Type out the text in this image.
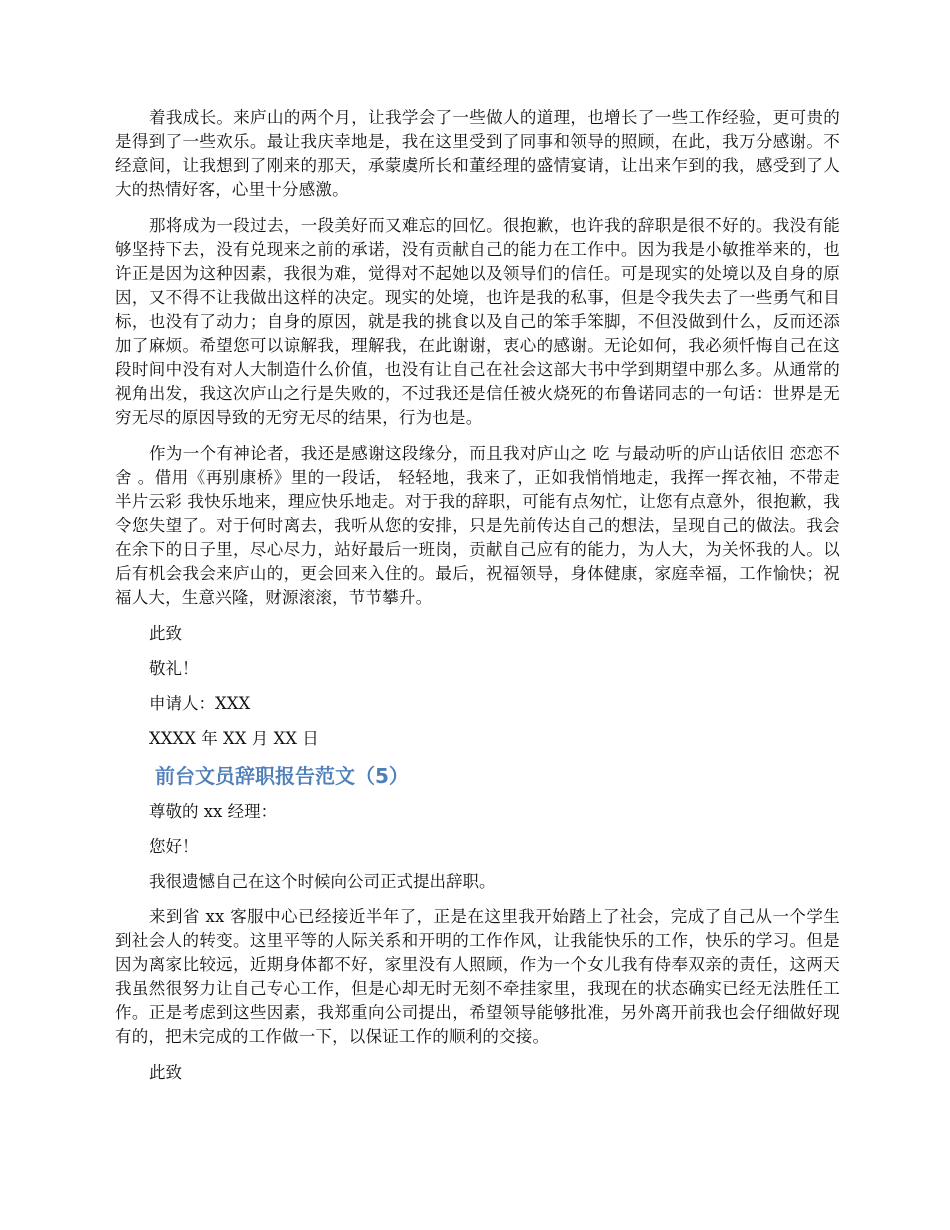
着我成长。来庐山的两个月，让我学会了一些做人的道理，也增长了一些工作经验，更可贵的是得到了一些欢乐。最让我庆幸地是，我在这里受到了同事和领导的照顾，在此，我万分感谢。不经意间，让我想到了刚来的那天，承蒙虞所长和董经理的盛情宴请，让出来乍到的我，感受到了人大的热情好客，心里十分感激。

那将成为一段过去，一段美好而又难忘的回忆。很抱歉，也许我的辞职是很不好的。我没有能够坚持下去，没有兑现来之前的承诺，没有贡献自己的能力在工作中。因为我是小敏推举来的，也许正是因为这种因素，我很为难，觉得对不起她以及领导们的信任。可是现实的处境以及自身的原因，又不得不让我做出这样的决定。现实的处境，也许是我的私事，但是令我失去了一些勇气和目标，也没有了动力；自身的原因，就是我的挑食以及自己的笨手笨脚，不但没做到什么，反而还添加了麻烦。希望您可以谅解我，理解我，在此谢谢，衷心的感谢。无论如何，我必须忏悔自己在这段时间中没有对人大制造什么价值，也没有让自己在社会这部大书中学到期望中那么多。从通常的视角出发，我这次庐山之行是失败的，不过我还是信任被火烧死的布鲁诺同志的一句话：世界是无穷无尽的原因导致的无穷无尽的结果，行为也是。

作为一个有神论者，我还是感谢这段缘分，而且我对庐山之 吃 与最动听的庐山话依旧 恋恋不舍 。借用《再别康桥》里的一段话， 轻轻地，我来了，正如我悄悄地走，我挥一挥衣袖，不带走半片云彩 我快乐地来，理应快乐地走。对于我的辞职，可能有点匆忙，让您有点意外，很抱歉，我令您失望了。对于何时离去，我听从您的安排，只是先前传达自己的想法，呈现自己的做法。我会在余下的日子里，尽心尽力，站好最后一班岗，贡献自己应有的能力，为人大，为关怀我的人。以后有机会我会来庐山的，更会回来入住的。最后，祝福领导，身体健康，家庭幸福，工作愉快；祝福人大，生意兴隆，财源滚滚，节节攀升。

此致

敬礼！

申请人：XXX

XXXX 年 XX 月 XX 日

前台文员辞职报告范文（5）

尊敬的 xx 经理：

您好！

我很遗憾自己在这个时候向公司正式提出辞职。

来到省 xx 客服中心已经接近半年了，正是在这里我开始踏上了社会，完成了自己从一个学生到社会人的转变。这里平等的人际关系和开明的工作作风，让我能快乐的工作，快乐的学习。但是因为离家比较远，近期身体都不好，家里没有人照顾，作为一个女儿我有侍奉双亲的责任，这两天我虽然很努力让自己专心工作，但是心却无时无刻不牵挂家里，我现在的状态确实已经无法胜任工作。正是考虑到这些因素，我郑重向公司提出，希望领导能够批准，另外离开前我也会仔细做好现有的，把未完成的工作做一下，以保证工作的顺利的交接。

此致
